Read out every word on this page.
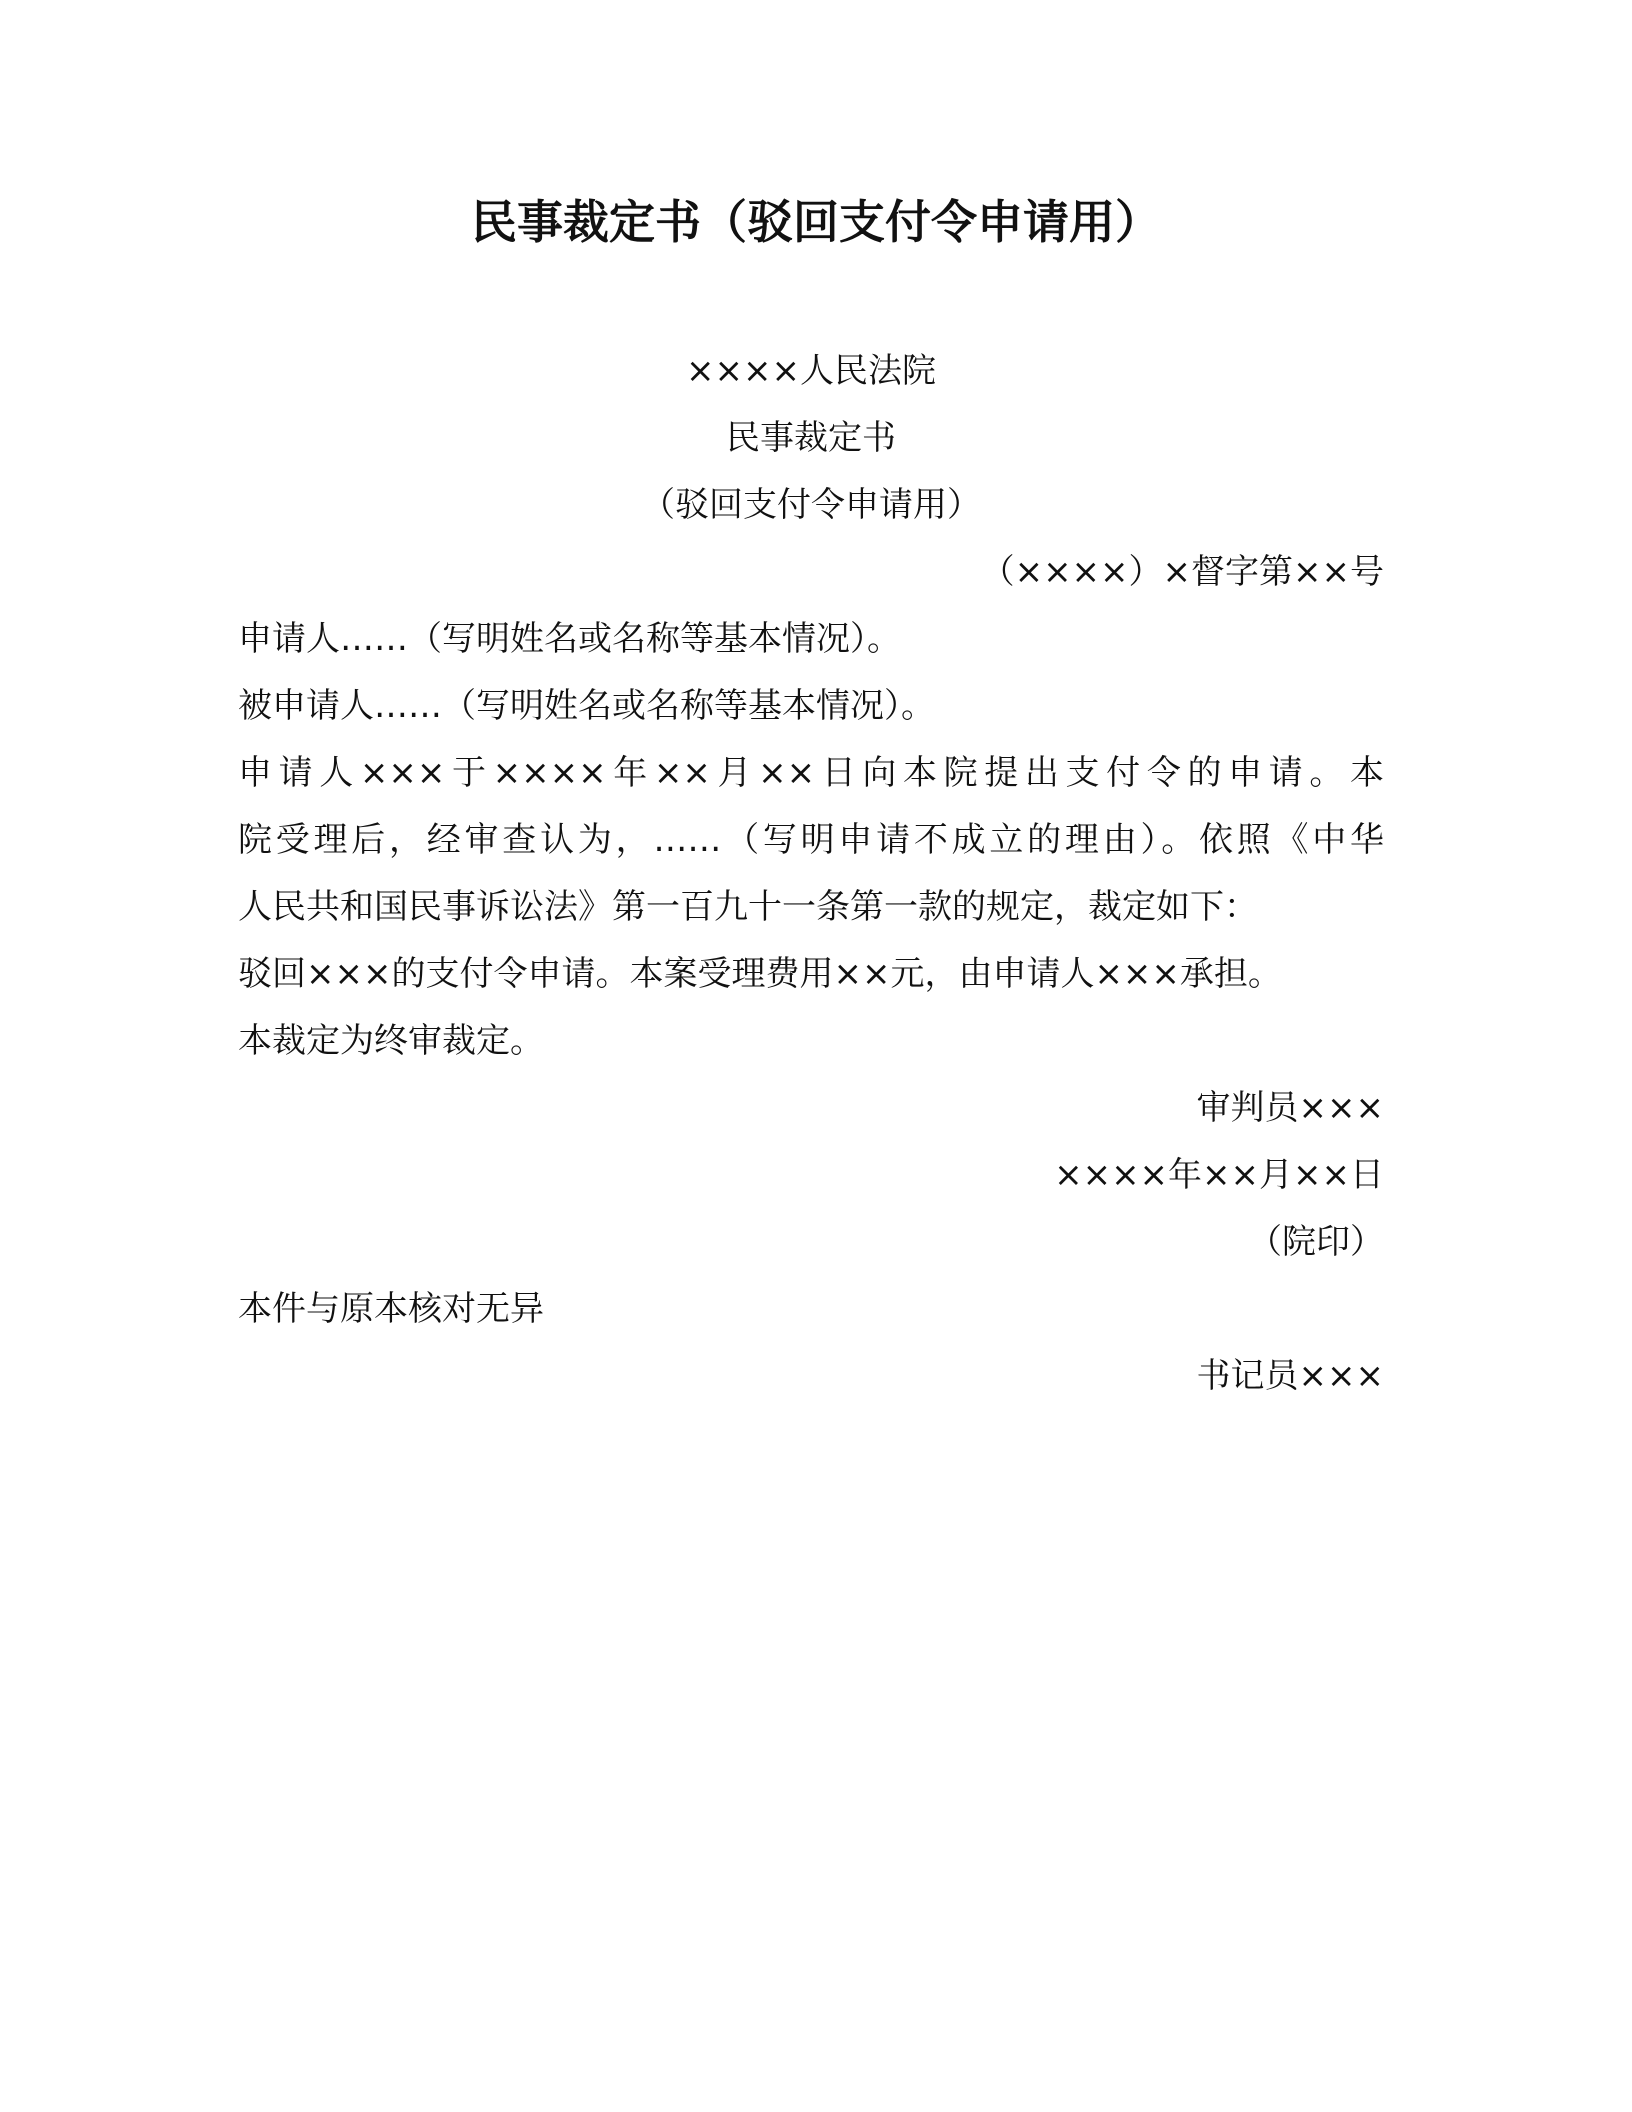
民事裁定书（驳回支付令申请用）
××××人民法院
民事裁定书
（驳回支付令申请用）
（××××）×督字第××号
申请人……（写明姓名或名称等基本情况）。
被申请人……（写明姓名或名称等基本情况）。
申请人×××于××××年××月××日向本院提出支付令的申请。本
院受理后，经审查认为，……（写明申请不成立的理由）。依照《中华
人民共和国民事诉讼法》第一百九十一条第一款的规定，裁定如下：
驳回×××的支付令申请。本案受理费用××元，由申请人×××承担。
本裁定为终审裁定。
审判员×××
××××年××月××日
（院印）
本件与原本核对无异
书记员×××
